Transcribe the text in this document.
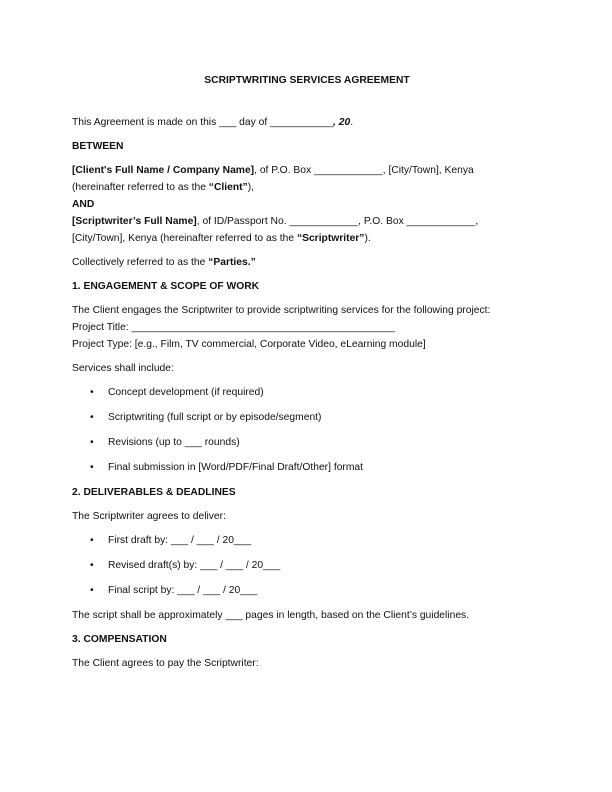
SCRIPTWRITING SERVICES AGREEMENT

This Agreement is made on this ___ day of ___________, 20.

BETWEEN

[Client's Full Name / Company Name], of P.O. Box ____________, [City/Town], Kenya
(hereinafter referred to as the “Client”),
AND
[Scriptwriter’s Full Name], of ID/Passport No. ____________, P.O. Box ____________,
[City/Town], Kenya (hereinafter referred to as the “Scriptwriter”).

Collectively referred to as the “Parties.”

1. ENGAGEMENT & SCOPE OF WORK
The Client engages the Scriptwriter to provide scriptwriting services for the following project:
Project Title: ______________________________________________
Project Type: [e.g., Film, TV commercial, Corporate Video, eLearning module]

Services shall include:

• Concept development (if required)
• Scriptwriting (full script or by episode/segment)
• Revisions (up to ___ rounds)
• Final submission in [Word/PDF/Final Draft/Other] format
2. DELIVERABLES & DEADLINES

The Scriptwriter agrees to deliver:

• First draft by: ___ / ___ / 20___
• Revised draft(s) by: ___ / ___ / 20___
• Final script by: ___ / ___ / 20___

The script shall be approximately ___ pages in length, based on the Client’s guidelines.

3. COMPENSATION

The Client agrees to pay the Scriptwriter:
